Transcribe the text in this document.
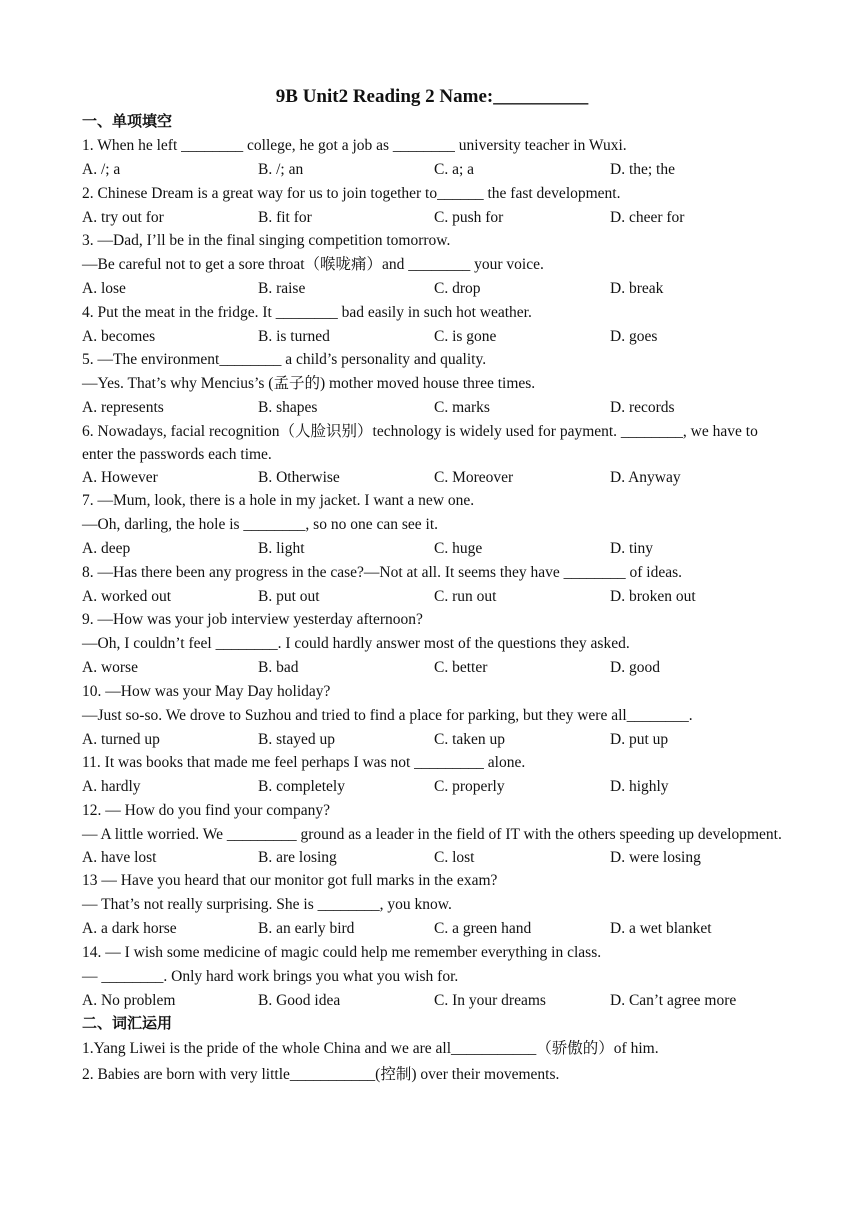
9B Unit2 Reading 2 Name:__________
一、单项填空
1. When he left ________ college, he got a job as ________ university teacher in Wuxi.
A. /; a	B. /; an	C. a; a	D. the; the
2. Chinese Dream is a great way for us to join together to______ the fast development.
A. try out for	B. fit for	C. push for	D. cheer for
3. —Dad, I’ll be in the final singing competition tomorrow.
—Be careful not to get a sore throat（喉咙痛）and ________ your voice.
A. lose	B. raise	C. drop	D. break
4. Put the meat in the fridge. It ________ bad easily in such hot weather.
A. becomes	B. is turned	C. is gone	D. goes
5. —The environment________ a child’s personality and quality.
—Yes. That’s why Mencius’s (孟子的) mother moved house three times.
A. represents	B. shapes	C. marks	D. records
6. Nowadays, facial recognition（人脸识别）technology is widely used for payment. ________, we have to enter the passwords each time.
A. However	B. Otherwise	C. Moreover	D. Anyway
7. —Mum, look, there is a hole in my jacket. I want a new one.
—Oh, darling, the hole is ________, so no one can see it.
A. deep	B. light	C. huge	D. tiny
8. —Has there been any progress in the case?—Not at all. It seems they have ________ of ideas.
A. worked out	B. put out	C. run out	D. broken out
9. —How was your job interview yesterday afternoon?
—Oh, I couldn’t feel ________. I could hardly answer most of the questions they asked.
A. worse	B. bad	C. better	D. good
10. —How was your May Day holiday?
—Just so-so. We drove to Suzhou and tried to find a place for parking, but they were all________.
A. turned up	B. stayed up	C. taken up	D. put up
11. It was books that made me feel perhaps I was not _________ alone.
A. hardly	B. completely	C. properly	D. highly
12. — How do you find your company?
— A little worried. We _________ ground as a leader in the field of IT with the others speeding up development.
A. have lost	B. are losing	C. lost	D. were losing
13 — Have you heard that our monitor got full marks in the exam?
— That’s not really surprising. She is ________, you know.
A. a dark horse	B. an early bird	C. a green hand	D. a wet blanket
14. — I wish some medicine of magic could help me remember everything in class.
— ________. Only hard work brings you what you wish for.
A. No problem	B. Good idea	C. In your dreams	D. Can’t agree more
二、词汇运用
1.Yang Liwei is the pride of the whole China and we are all___________（骄傲的）of him.
2. Babies are born with very little___________(控制) over their movements.
